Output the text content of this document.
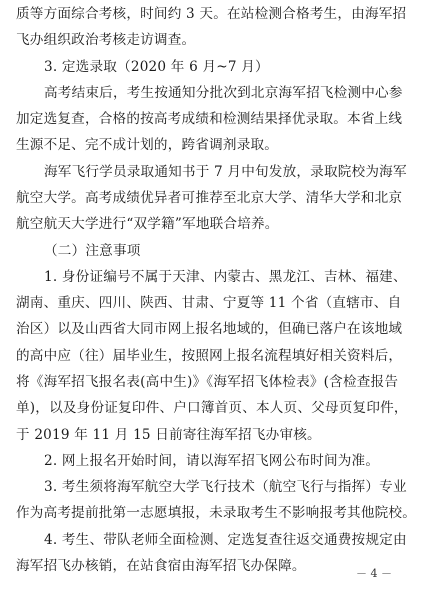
质等方面综合考核，时间约 3 天。在站检测合格考生，由海军招
飞办组织政治考核走访调查。
3. 定选录取（2020 年 6 月~7 月）
高考结束后，考生按通知分批次到北京海军招飞检测中心参
加定选复查，合格的按高考成绩和检测结果择优录取。本省上线
生源不足、完不成计划的，跨省调剂录取。
海军飞行学员录取通知书于 7 月中旬发放，录取院校为海军
航空大学。高考成绩优异者可推荐至北京大学、清华大学和北京
航空航天大学进行“双学籍”军地联合培养。
（二）注意事项
1. 身份证编号不属于天津、内蒙古、黑龙江、吉林、福建、
湖南、重庆、四川、陕西、甘肃、宁夏等 11 个省（直辖市、自
治区）以及山西省大同市网上报名地域的，但确已落户在该地域
的高中应（往）届毕业生，按照网上报名流程填好相关资料后，
将《海军招飞报名表(高中生)》《海军招飞体检表》(含检查报告
单)，以及身份证复印件、户口簿首页、本人页、父母页复印件，
于 2019 年 11 月 15 日前寄往海军招飞办审核。
2. 网上报名开始时间，请以海军招飞网公布时间为准。
3. 考生须将海军航空大学飞行技术（航空飞行与指挥）专业
作为高考提前批第一志愿填报，未录取考生不影响报考其他院校。
4. 考生、带队老师全面检测、定选复查往返交通费按规定由
海军招飞办核销，在站食宿由海军招飞办保障。	－ 4 －
